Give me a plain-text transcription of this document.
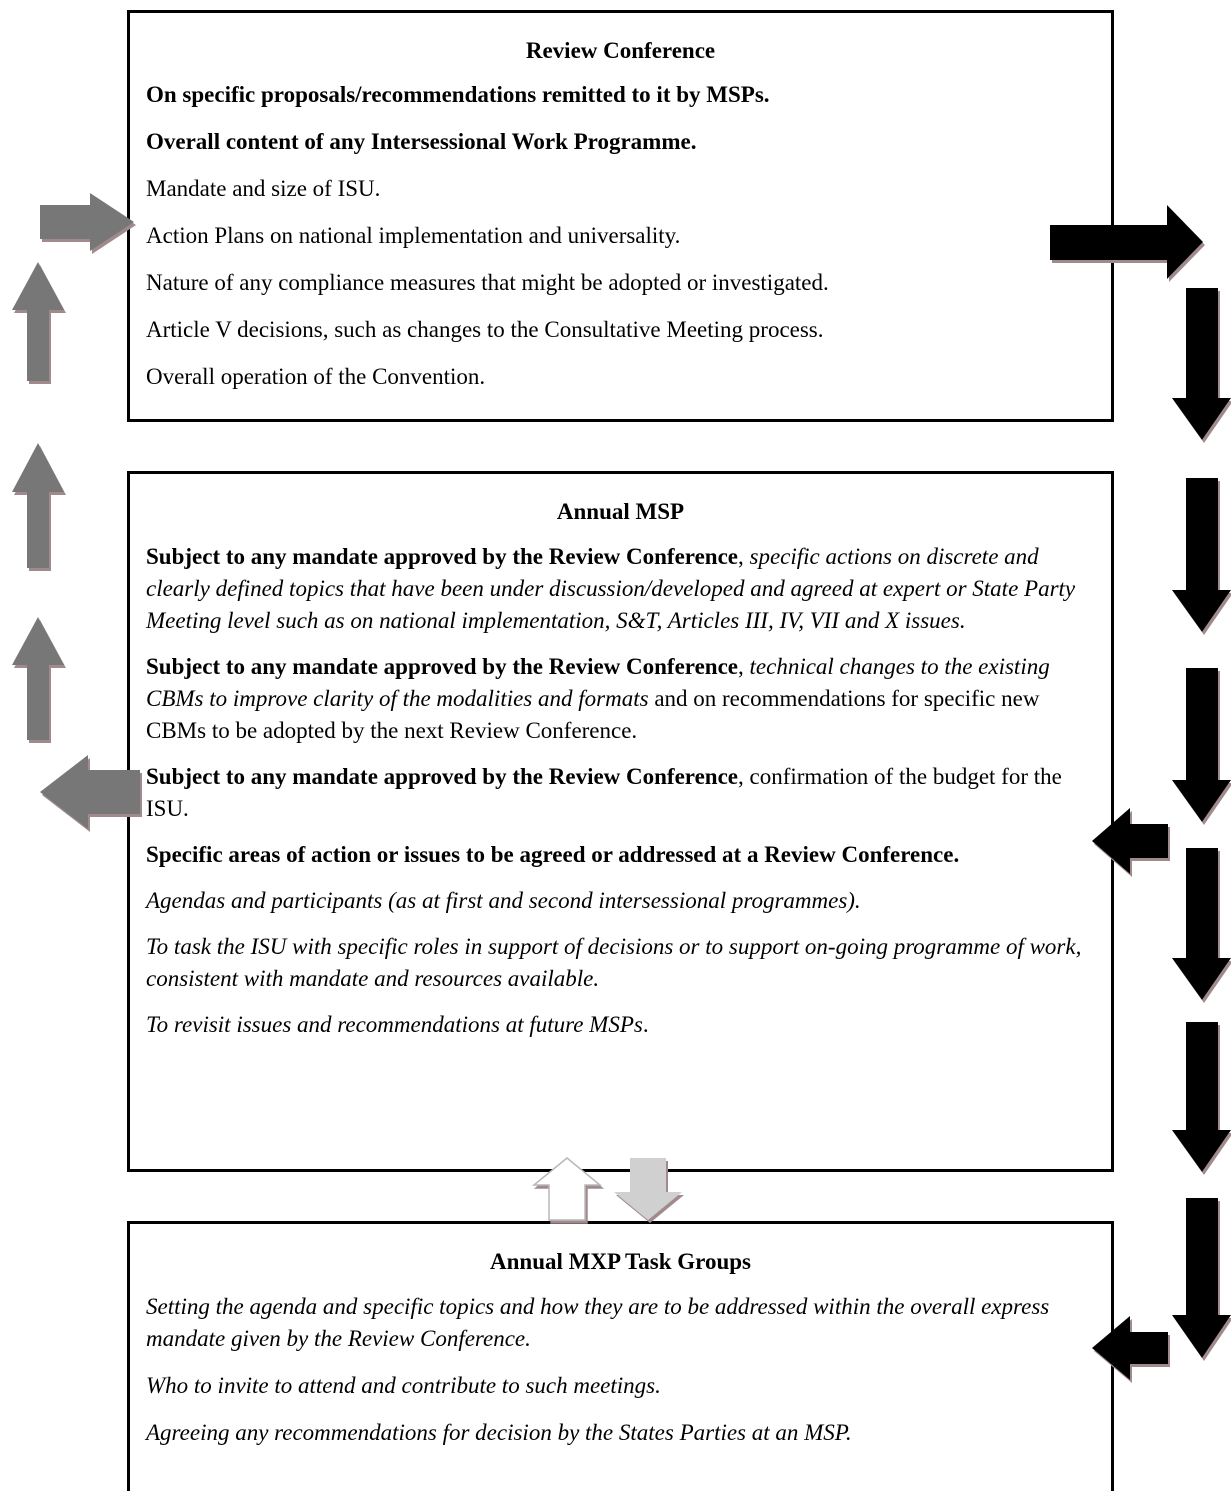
Review Conference

On specific proposals/recommendations remitted to it by MSPs.

Overall content of any Intersessional Work Programme.

Mandate and size of ISU.

Action Plans on national implementation and universality.

Nature of any compliance measures that might be adopted or investigated.

Article V decisions, such as changes to the Consultative Meeting process.

Overall operation of the Convention.

Annual MSP

Subject to any mandate approved by the Review Conference, specific actions on discrete and clearly defined topics that have been under discussion/developed and agreed at expert or State Party Meeting level such as on national implementation, S&T, Articles III, IV, VII and X issues.

Subject to any mandate approved by the Review Conference, technical changes to the existing CBMs to improve clarity of the modalities and formats and on recommendations for specific new CBMs to be adopted by the next Review Conference.

Subject to any mandate approved by the Review Conference, confirmation of the budget for the ISU.

Specific areas of action or issues to be agreed or addressed at a Review Conference.

Agendas and participants (as at first and second intersessional programmes).

To task the ISU with specific roles in support of decisions or to support on-going programme of work, consistent with mandate and resources available.

To revisit issues and recommendations at future MSPs.

Annual MXP Task Groups

Setting the agenda and specific topics and how they are to be addressed within the overall express mandate given by the Review Conference.

Who to invite to attend and contribute to such meetings.

Agreeing any recommendations for decision by the States Parties at an MSP.
